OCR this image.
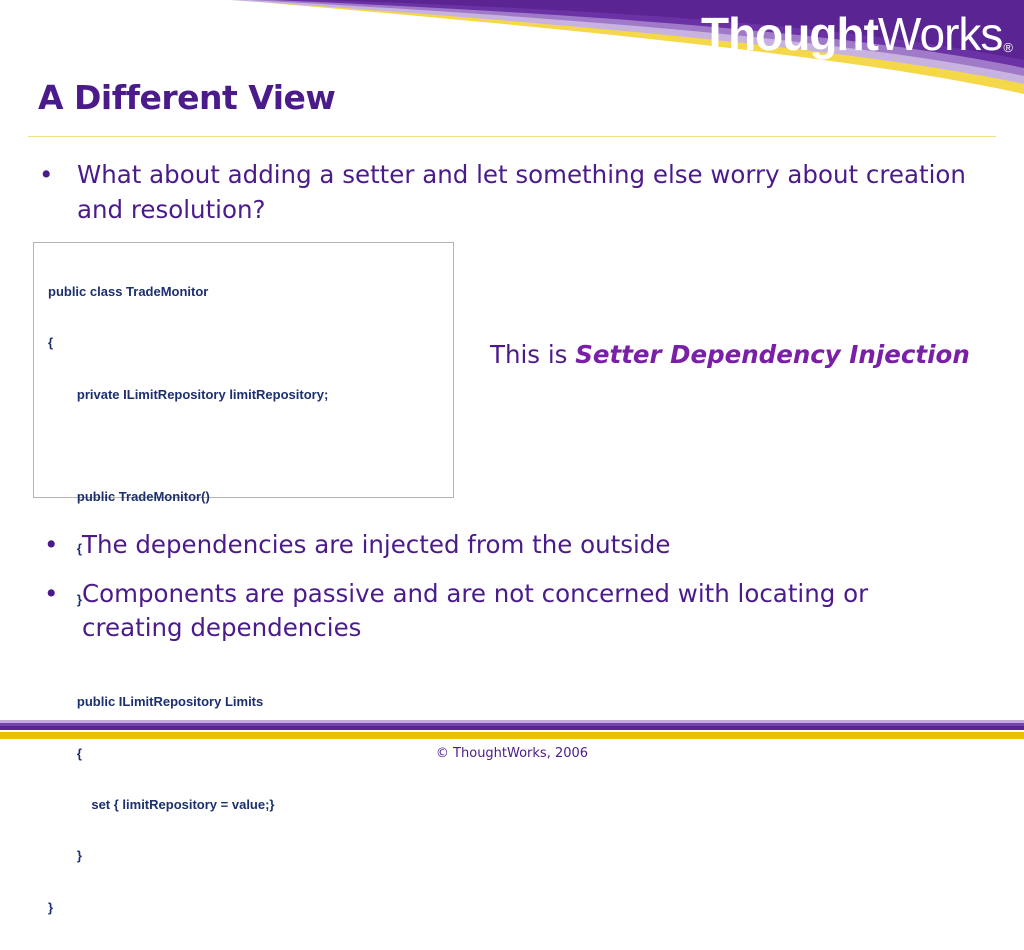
ThoughtWorks®
A Different View
• What about adding a setter and let something else worry about creation and resolution?

public class TradeMonitor

{

private ILimitRepository limitRepository;

public TradeMonitor()

{

}

public ILimitRepository Limits

{

set { limitRepository = value;}

}

}

This is Setter Dependency Injection
• The dependencies are injected from the outside
• Components are passive and are not concerned with locating or creating dependencies
© ThoughtWorks, 2006
